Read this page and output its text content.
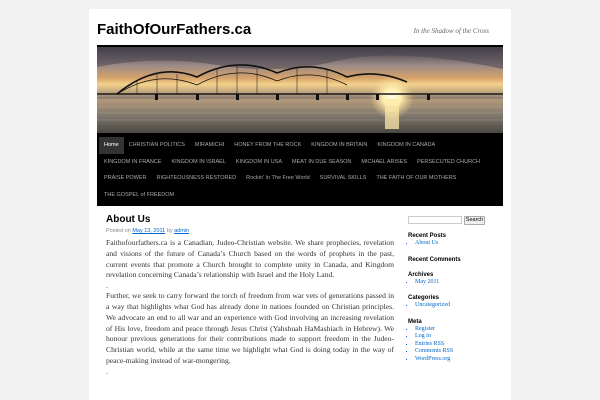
FaithOfOurFathers.ca	In the Shadow of the Cross
Home	CHRISTIAN POLITICS	MIRAMICHI	HONEY FROM THE ROCK	KINGDOM IN BRITAIN	KINGDOM IN CANADA
KINGDOM IN FRANCE	KINGDOM IN ISRAEL	KINGDOM IN USA	MEAT IN DUE SEASON	MICHAEL ARISES	PERSECUTED CHURCH
PRAISE POWER	RIGHTEOUSNESS RESTORED	Rockin' In The Free World	SURVIVAL SKILLS	THE FAITH OF OUR MOTHERS
THE GOSPEL of FREEDOM
About Us
Posted on May 13, 2011 by admin

Faithofourfathers.ca is a Canadian, Judeo-Christian website. We share prophecies, revelation and visions of the future of Canada’s Church based on the words of prophets in the past, current events that promote a Church brought to complete unity in Canada, and Kingdom revelation concerning Canada’s relationship with Israel and the Holy Land.

.

Further, we seek to carry forward the torch of freedom from war vets of generations passed in a way that highlights what God has already done in nations founded on Christian principles. We advocate an end to all war and an experience with God involving an increasing revelation of His love, freedom and peace through Jesus Christ (Yahshuah HaMashiach in Hebrew). We honour previous generations for their contributions made to support freedom in the Judeo-Christian world, while at the same time we highlight what God is doing today in the way of peace-making instead of war-mongering.

.

Search
Recent Posts
▪ About Us
Recent Comments
Archives
▪ May 2011
Categories
▪ Uncategorized
Meta
▪ Register
▪ Log in
▪ Entries RSS
▪ Comments RSS
▪ WordPress.org
